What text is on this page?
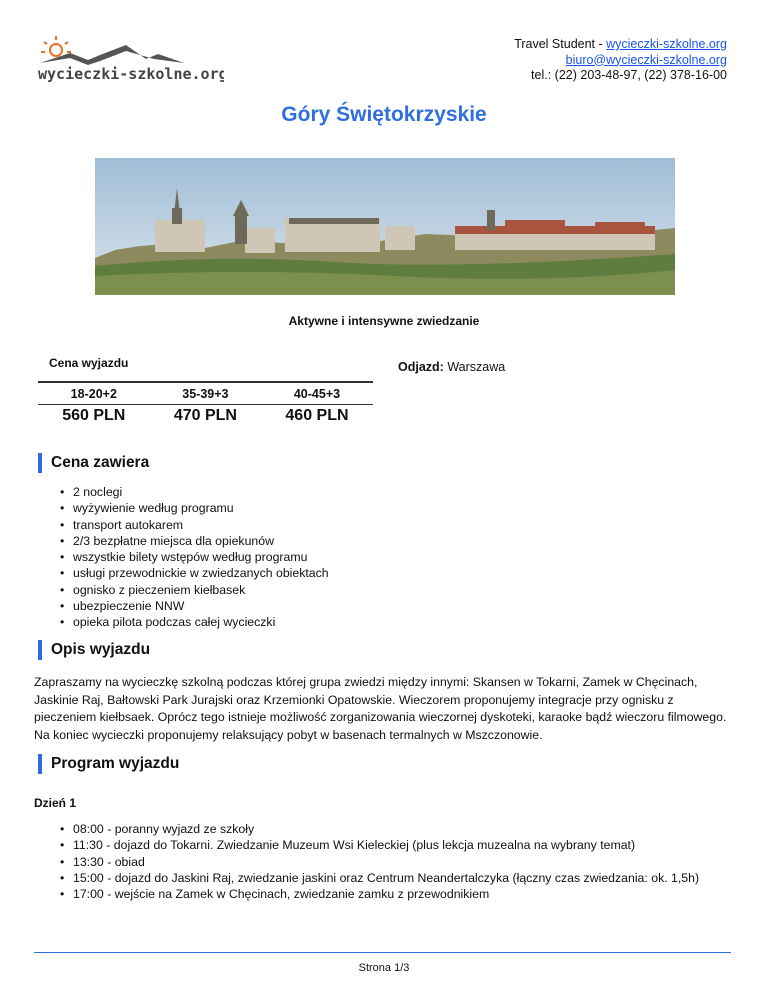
wycieczki-szkolne.org
Travel Student - wycieczki-szkolne.org
biuro@wycieczki-szkolne.org
tel.: (22) 203-48-97, (22) 378-16-00
Góry Świętokrzyskie
Aktywne i intensywne zwiedzanie
Cena wyjazdu	Odjazd: Warszawa
18-20+2	35-39+3	40-45+3
560 PLN	470 PLN	460 PLN
Cena zawiera
• 2 noclegi
• wyżywienie według programu
• transport autokarem
• 2/3 bezpłatne miejsca dla opiekunów
• wszystkie bilety wstępów według programu
• usługi przewodnickie w zwiedzanych obiektach
• ognisko z pieczeniem kiełbasek
• ubezpieczenie NNW
• opieka pilota podczas całej wycieczki
Opis wyjazdu
Zapraszamy na wycieczkę szkolną podczas której grupa zwiedzi między innymi: Skansen w Tokarni, Zamek w Chęcinach, Jaskinie Raj, Bałtowski Park Jurajski oraz Krzemionki Opatowskie. Wieczorem proponujemy integracje przy ognisku z pieczeniem kiełbsaek. Oprócz tego istnieje możliwość zorganizowania wieczornej dyskoteki, karaoke bądź wieczoru filmowego. Na koniec wycieczki proponujemy relaksujący pobyt w basenach termalnych w Mszczonowie.
Program wyjazdu
Dzień 1
• 08:00 - poranny wyjazd ze szkoły
• 11:30 - dojazd do Tokarni. Zwiedzanie Muzeum Wsi Kieleckiej (plus lekcja muzealna na wybrany temat)
• 13:30 - obiad
• 15:00 - dojazd do Jaskini Raj, zwiedzanie jaskini oraz Centrum Neandertalczyka (łączny czas zwiedzania: ok. 1,5h)
• 17:00 - wejście na Zamek w Chęcinach, zwiedzanie zamku z przewodnikiem
Strona 1/3
